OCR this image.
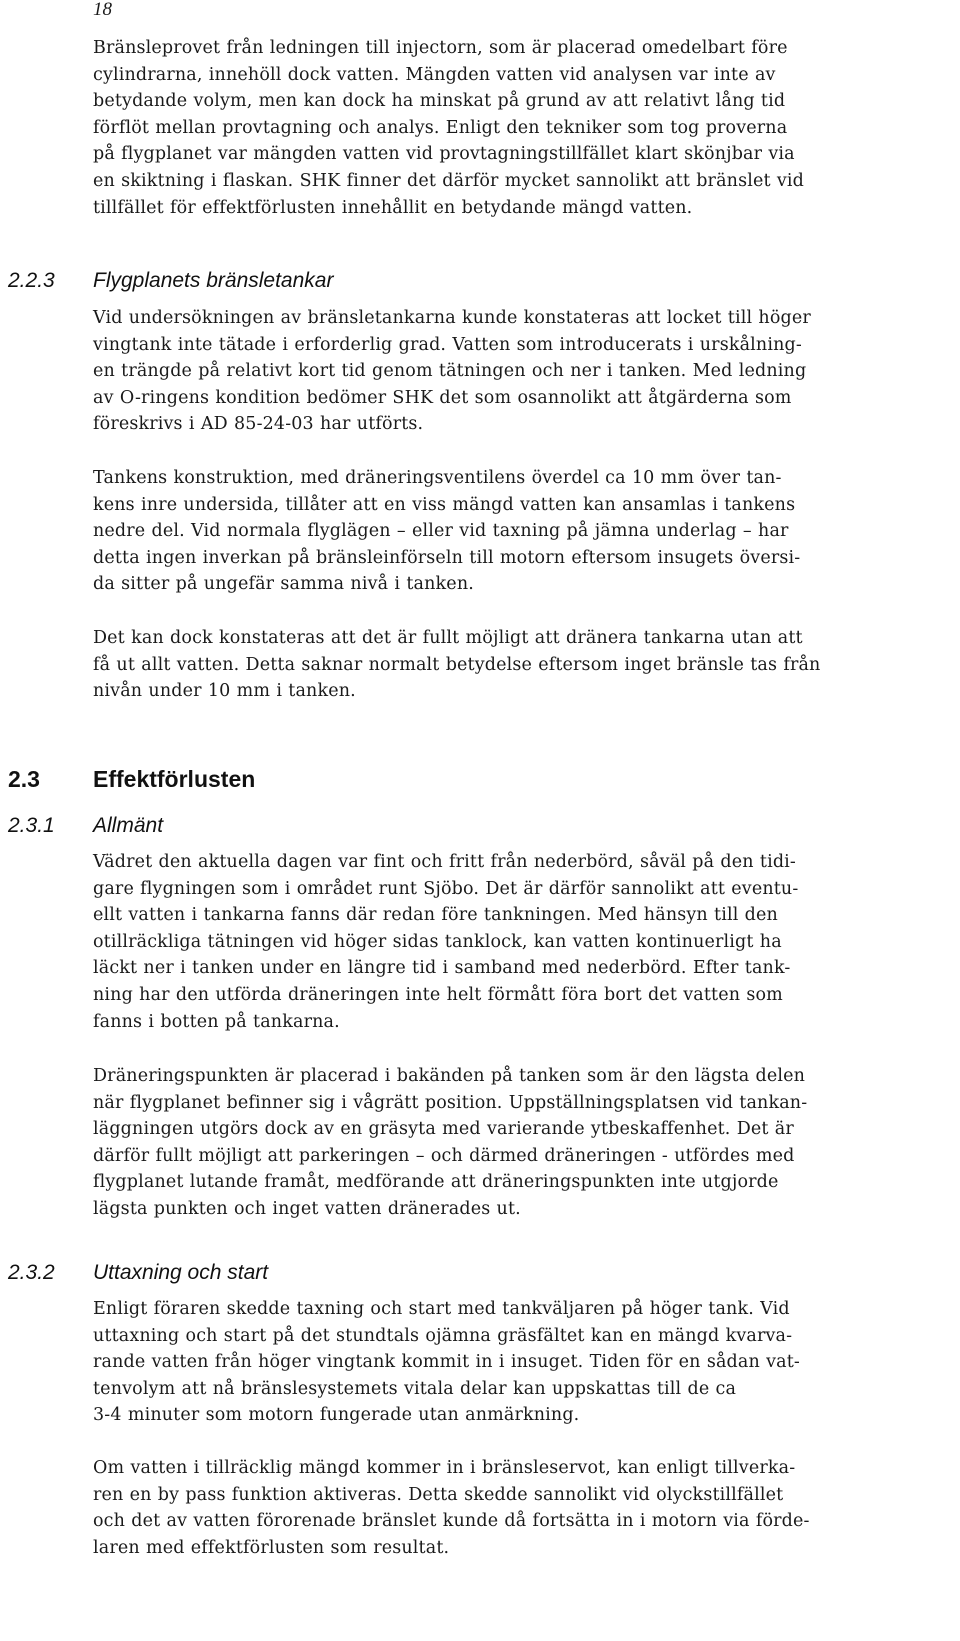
18

Bränsleprovet från ledningen till injectorn, som är placerad omedelbart före
cylindrarna, innehöll dock vatten. Mängden vatten vid analysen var inte av
betydande volym, men kan dock ha minskat på grund av att relativt lång tid
förflöt mellan provtagning och analys. Enligt den tekniker som tog proverna
på flygplanet var mängden vatten vid provtagningstillfället klart skönjbar via
en skiktning i flaskan. SHK finner det därför mycket sannolikt att bränslet vid
tillfället för effektförlusten innehållit en betydande mängd vatten.

2.2.3 Flygplanets bränsletankar

Vid undersökningen av bränsletankarna kunde konstateras att locket till höger
vingtank inte tätade i erforderlig grad. Vatten som introducerats i urskålning-
en trängde på relativt kort tid genom tätningen och ner i tanken. Med ledning
av O-ringens kondition bedömer SHK det som osannolikt att åtgärderna som
föreskrivs i AD 85-24-03 har utförts.

Tankens konstruktion, med dräneringsventilens överdel ca 10 mm över tan-
kens inre undersida, tillåter att en viss mängd vatten kan ansamlas i tankens
nedre del. Vid normala flyglägen – eller vid taxning på jämna underlag – har
detta ingen inverkan på bränsleinförseln till motorn eftersom insugets översi-
da sitter på ungefär samma nivå i tanken.

Det kan dock konstateras att det är fullt möjligt att dränera tankarna utan att
få ut allt vatten. Detta saknar normalt betydelse eftersom inget bränsle tas från
nivån under 10 mm i tanken.

2.3 Effektförlusten
2.3.1 Allmänt

Vädret den aktuella dagen var fint och fritt från nederbörd, såväl på den tidi-
gare flygningen som i området runt Sjöbo. Det är därför sannolikt att eventu-
ellt vatten i tankarna fanns där redan före tankningen. Med hänsyn till den
otillräckliga tätningen vid höger sidas tanklock, kan vatten kontinuerligt ha
läckt ner i tanken under en längre tid i samband med nederbörd. Efter tank-
ning har den utförda dräneringen inte helt förmått föra bort det vatten som
fanns i botten på tankarna.

Dräneringspunkten är placerad i bakänden på tanken som är den lägsta delen
när flygplanet befinner sig i vågrätt position. Uppställningsplatsen vid tankan-
läggningen utgörs dock av en gräsyta med varierande ytbeskaffenhet. Det är
därför fullt möjligt att parkeringen – och därmed dräneringen - utfördes med
flygplanet lutande framåt, medförande att dräneringspunkten inte utgjorde
lägsta punkten och inget vatten dränerades ut.

2.3.2 Uttaxning och start

Enligt föraren skedde taxning och start med tankväljaren på höger tank. Vid
uttaxning och start på det stundtals ojämna gräsfältet kan en mängd kvarva-
rande vatten från höger vingtank kommit in i insuget. Tiden för en sådan vat-
tenvolym att nå bränslesystemets vitala delar kan uppskattas till de ca
3-4 minuter som motorn fungerade utan anmärkning.

Om vatten i tillräcklig mängd kommer in i bränsleservot, kan enligt tillverka-
ren en by pass funktion aktiveras. Detta skedde sannolikt vid olyckstillfället
och det av vatten förorenade bränslet kunde då fortsätta in i motorn via förde-
laren med effektförlusten som resultat.
